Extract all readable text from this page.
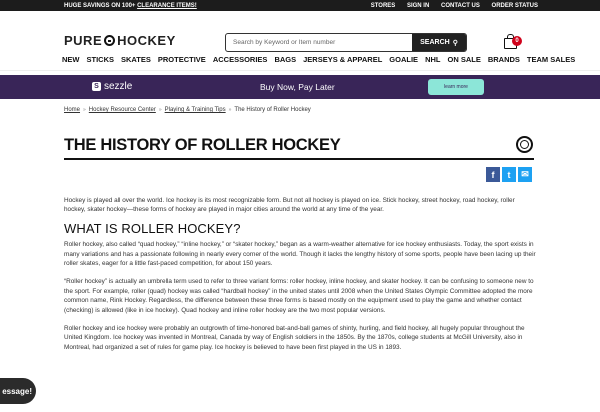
HUGE SAVINGS ON 100+ CLEARANCE ITEMS!	STORES SIGN IN CONTACT US ORDER STATUS
PURE HOCKEY	Search by Keyword or Item number	SEARCH ⚲	0
NEW STICKS SKATES PROTECTIVE ACCESSORIES BAGS JERSEYS & APPAREL GOALIE NHL ON SALE BRANDS TEAM SALES
S sezzle	Buy Now, Pay Later	learn more
Home » Hockey Resource Center » Playing & Training Tips » The History of Roller Hockey
THE HISTORY OF ROLLER HOCKEY
f	t	✉

Hockey is played all over the world. Ice hockey is its most recognizable form. But not all hockey is played on ice. Stick hockey, street hockey, road hockey, roller hockey, skater hockey—these forms of hockey are played in major cities around the world at any time of the year.

WHAT IS ROLLER HOCKEY?

Roller hockey, also called “quad hockey,” “inline hockey,” or “skater hockey,” began as a warm-weather alternative for ice hockey enthusiasts. Today, the sport exists in many variations and has a passionate following in nearly every corner of the world. Though it lacks the lengthy history of some sports, people have been lacing up their roller skates, eager for a little fast-paced competition, for about 150 years.

“Roller hockey” is actually an umbrella term used to refer to three variant forms: roller hockey, inline hockey, and skater hockey. It can be confusing to someone new to the sport. For example, roller (quad) hockey was called “hardball hockey” in the united states until 2008 when the United States Olympic Committee adopted the more common name, Rink Hockey. Regardless, the difference between these three forms is based mostly on the equipment used to play the game and whether contact (checking) is allowed (like in ice hockey). Quad hockey and inline roller hockey are the two most popular versions.

Roller hockey and ice hockey were probably an outgrowth of time-honored bat-and-ball games of shinty, hurling, and field hockey, all hugely popular throughout the United Kingdom. Ice hockey was invented in Montreal, Canada by way of English soldiers in the 1850s. By the 1870s, college students at McGill University, also in Montreal, had organized a set of rules for game play. Ice hockey is believed to have been first played in the US in 1893.

essage!
